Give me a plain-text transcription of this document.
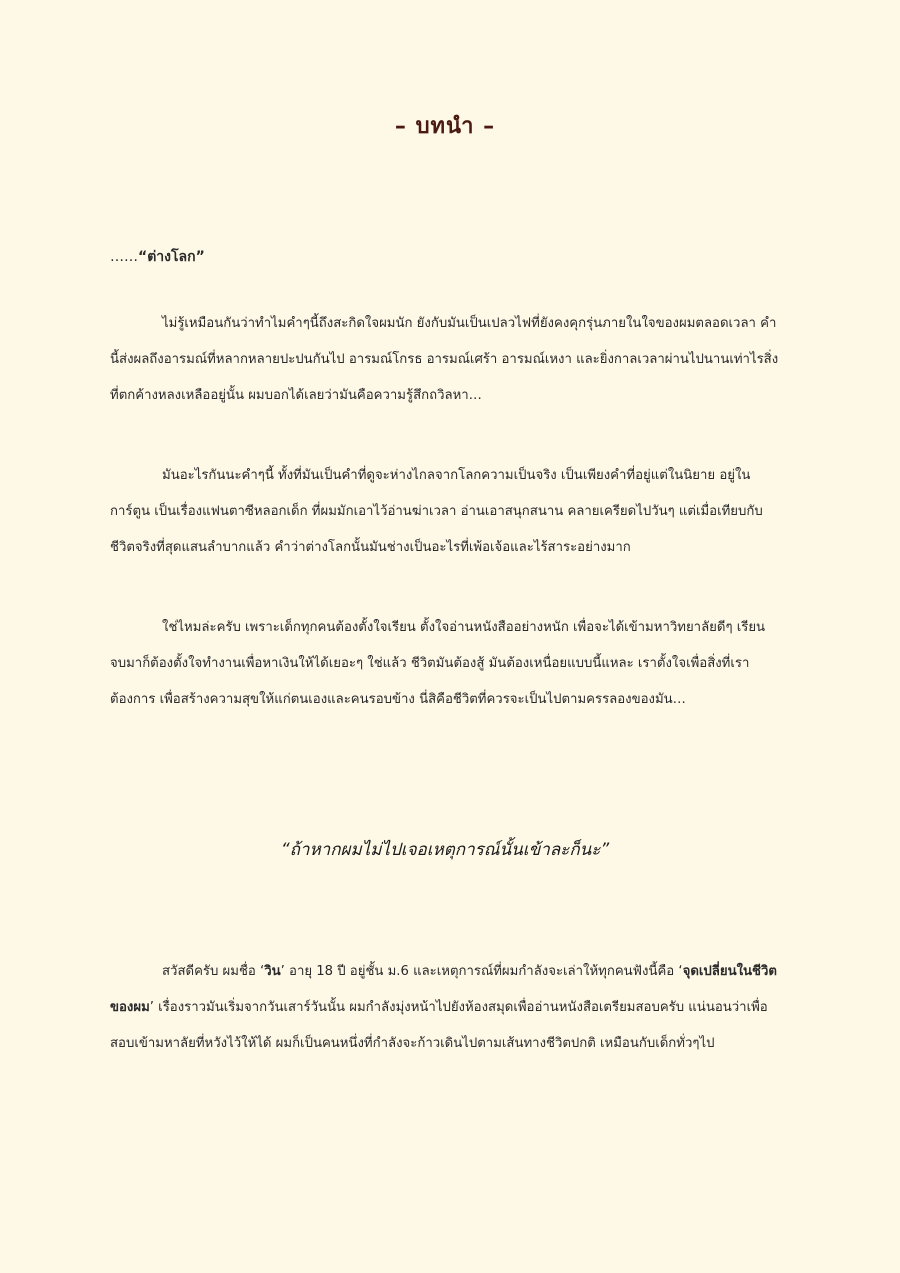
– บทนำ –

……“ต่างโลก”

ไม่รู้เหมือนกันว่าทำไมคำๆนี้ถึงสะกิดใจผมนัก ยังกับมันเป็นเปลวไฟที่ยังคงคุกรุ่นภายในใจของผมตลอดเวลา คำนี้ส่งผลถึงอารมณ์ที่หลากหลายปะปนกันไป อารมณ์โกรธ อารมณ์เศร้า อารมณ์เหงา และยิ่งกาลเวลาผ่านไปนานเท่าไรสิ่งที่ตกค้างหลงเหลืออยู่นั้น ผมบอกได้เลยว่ามันคือความรู้สึกถวิลหา…

มันอะไรกันนะคำๆนี้ ทั้งที่มันเป็นคำที่ดูจะห่างไกลจากโลกความเป็นจริง เป็นเพียงคำที่อยู่แต่ในนิยาย อยู่ในการ์ตูน เป็นเรื่องแฟนตาซีหลอกเด็ก ที่ผมมักเอาไว้อ่านฆ่าเวลา อ่านเอาสนุกสนาน คลายเครียดไปวันๆ แต่เมื่อเทียบกับชีวิตจริงที่สุดแสนลำบากแล้ว คำว่าต่างโลกนั้นมันช่างเป็นอะไรที่เพ้อเจ้อและไร้สาระอย่างมาก

ใช่ไหมล่ะครับ เพราะเด็กทุกคนต้องตั้งใจเรียน ตั้งใจอ่านหนังสืออย่างหนัก เพื่อจะได้เข้ามหาวิทยาลัยดีๆ เรียนจบมาก็ต้องตั้งใจทำงานเพื่อหาเงินให้ได้เยอะๆ ใช่แล้ว ชีวิตมันต้องสู้ มันต้องเหนื่อยแบบนี้แหละ เราตั้งใจเพื่อสิ่งที่เราต้องการ เพื่อสร้างความสุขให้แก่ตนเองและคนรอบข้าง นี่สิคือชีวิตที่ควรจะเป็นไปตามครรลองของมัน…

“ถ้าหากผมไม่ไปเจอเหตุการณ์นั้นเข้าละก็นะ”

สวัสดีครับ ผมชื่อ ‘วิน’ อายุ 18 ปี อยู่ชั้น ม.6 และเหตุการณ์ที่ผมกำลังจะเล่าให้ทุกคนฟังนี้คือ ‘จุดเปลี่ยนในชีวิตของผม’ เรื่องราวมันเริ่มจากวันเสาร์วันนั้น ผมกำลังมุ่งหน้าไปยังห้องสมุดเพื่ออ่านหนังสือเตรียมสอบครับ แน่นอนว่าเพื่อสอบเข้ามหาลัยที่หวังไว้ให้ได้ ผมก็เป็นคนหนึ่งที่กำลังจะก้าวเดินไปตามเส้นทางชีวิตปกติ เหมือนกับเด็กทั่วๆไป
